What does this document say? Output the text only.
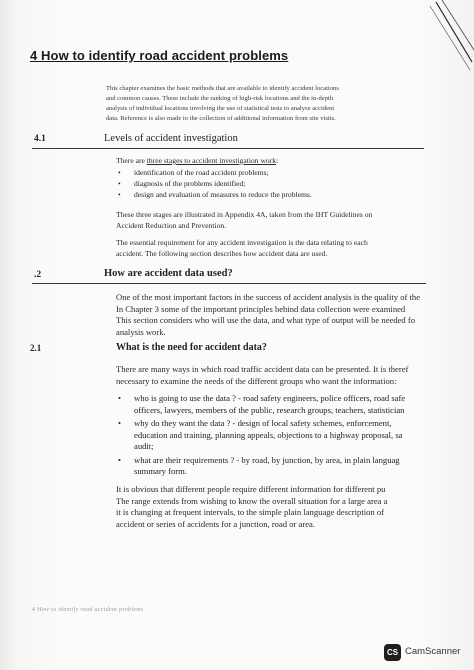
4 How to identify road accident problems
This chapter examines the basic methods that are available to identify accident locations
and common causes. These include the ranking of high-risk locations and the in-depth
analysis of individual locations involving the use of statistical tests to analyse accident
data. Reference is also made to the collection of additional information from site visits.
4.1	Levels of accident investigation
There are three stages to accident investigation work:
• identification of the road accident problems;
• diagnosis of the problems identified;
• design and evaluation of measures to reduce the problems.
These three stages are illustrated in Appendix 4A, taken from the IHT Guidelines on
Accident Reduction and Prevention.
The essential requirement for any accident investigation is the data relating to each
accident. The following section describes how accident data are used.
.2	How are accident data used?
One of the most important factors in the success of accident analysis is the quality of the
In Chapter 3 some of the important principles behind data collection were examined
This section considers who will use the data, and what type of output will be needed fo
analysis work.
2.1	What is the need for accident data?
There are many ways in which road traffic accident data can be presented. It is theref
necessary to examine the needs of the different groups who want the information:
• who is going to use the data ? - road safety engineers, police officers, road safe
officers, lawyers, members of the public, research groups, teachers, statistician
• why do they want the data ? - design of local safety schemes, enforcement,
education and training, planning appeals, objections to a highway proposal, sa
audit;
• what are their requirements ? - by road, by junction, by area, in plain languag
summary form.
It is obvious that different people require different information for different pu
The range extends from wishing to know the overall situation for a large area a
it is changing at frequent intervals, to the simple plain language description of
accident or series of accidents for a junction, road or area.
4 How to identify road accident problems
CS CamScanner
